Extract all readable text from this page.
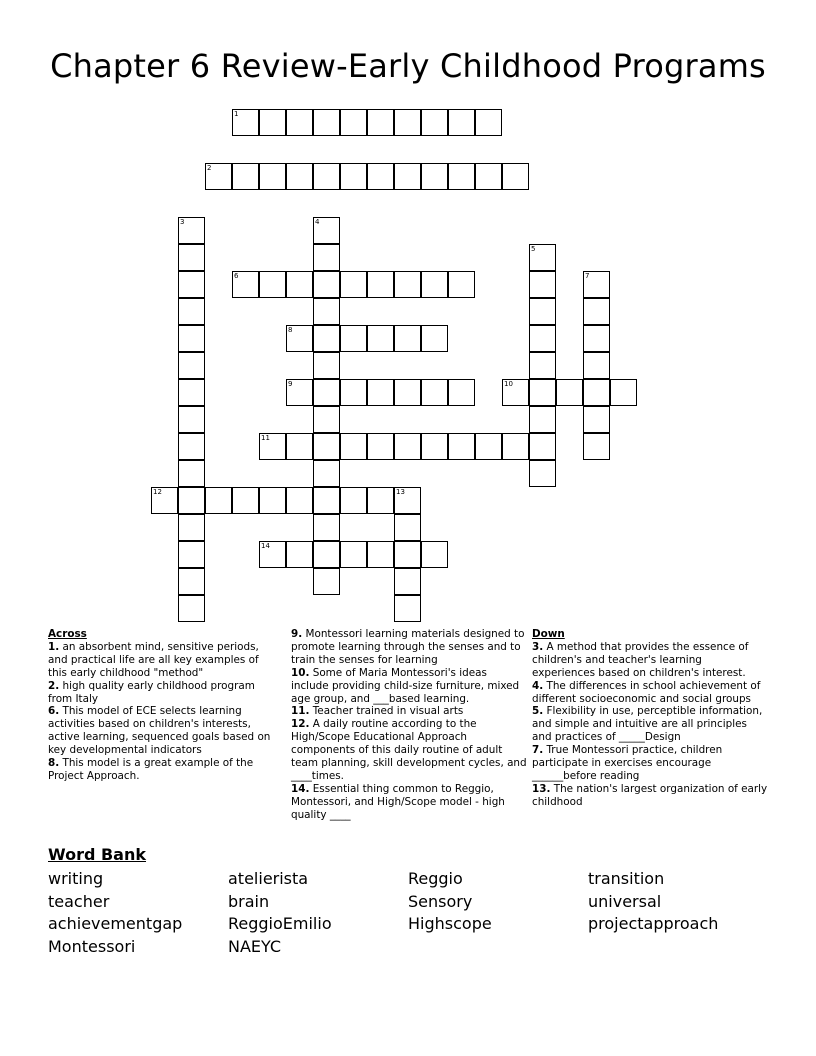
Chapter 6 Review-Early Childhood Programs
1
2
3	4
5
6	7
8
9	10
11
12	13
14
Across
1. an absorbent mind, sensitive periods, and practical life are all key examples of this early childhood "method"
2. high quality early childhood program from Italy
6. This model of ECE selects learning activities based on children's interests, active learning, sequenced goals based on key developmental indicators
8. This model is a great example of the Project Approach.
9. Montessori learning materials designed to promote learning through the senses and to train the senses for learning
10. Some of Maria Montessori's ideas include providing child-size furniture, mixed age group, and ___based learning.
11. Teacher trained in visual arts
12. A daily routine according to the High/Scope Educational Approach components of this daily routine of adult team planning, skill development cycles, and ____times.
14. Essential thing common to Reggio, Montessori, and High/Scope model - high quality ____
Down
3. A method that provides the essence of children's and teacher's learning experiences based on children's interest.
4. The differences in school achievement of different socioeconomic and social groups
5. Flexibility in use, perceptible information, and simple and intuitive are all principles and practices of _____Design
7. True Montessori practice, children participate in exercises encourage ______before reading
13. The nation's largest organization of early childhood
Word Bank
writing
teacher
achievementgap
Montessori
atelierista
brain
ReggioEmilio
NAEYC
Reggio
Sensory
Highscope
transition
universal
projectapproach
